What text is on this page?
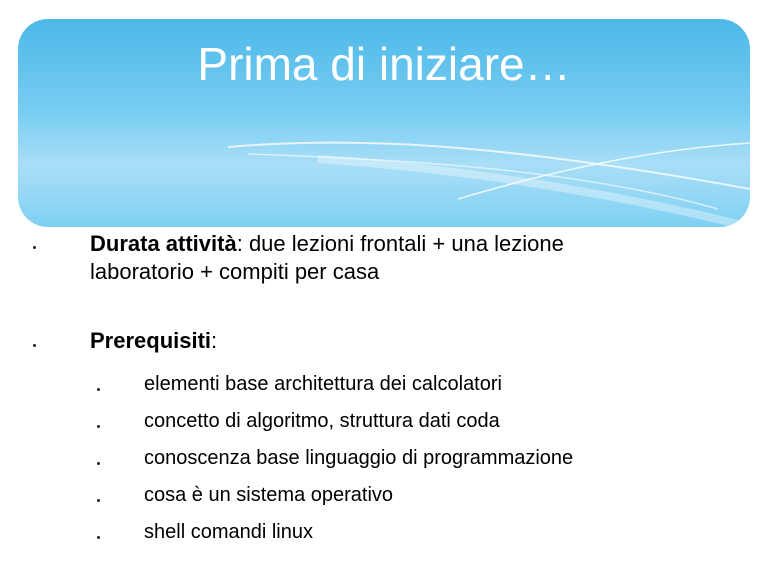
Prima di iniziare…
Durata attività: due lezioni frontali + una lezione
laboratorio + compiti per casa
Prerequisiti:
elementi base architettura dei calcolatori
concetto di algoritmo, struttura dati coda
conoscenza base linguaggio di programmazione
cosa è un sistema operativo
shell comandi linux
